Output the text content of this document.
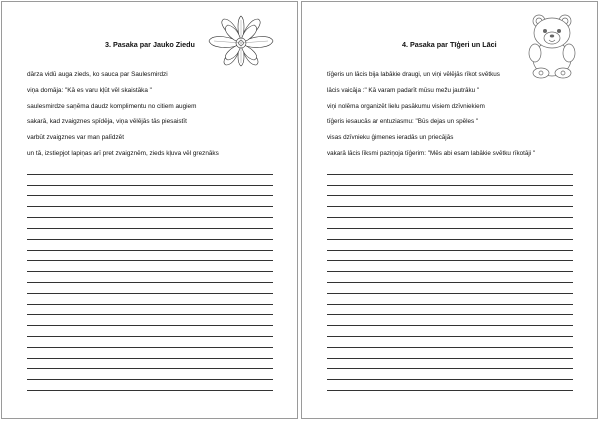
3. Pasaka par Jauko Ziedu
dārza vidū auga zieds, ko sauca par Saulesmirdzi
viņa domāja: "Kā es varu kļūt vēl skaistāka "
saulesmirdze saņēma daudz komplimentu no citiem augiem
sakarā, kad zvaigznes spīdēja, viņa vēlējās tās piesaistīt
varbūt zvaigznes var man palīdzēt
un tā, izstiepjot lapiņas arī pret zvaigznēm, zieds kļuva vēl greznāks
4. Pasaka par Tīģeri un Lāci
tīģeris un lācis bija labākie draugi, un viņi vēlējās rīkot svētkus
lācis vaicāja :" Kā varam padarīt mūsu mežu jautrāku "
viņi nolēma organizēt lielu pasākumu visiem dzīvniekiem
tīģeris iesaucās ar entuziasmu: "Būs dejas un spēles "
visas dzīvnieku ģimenes ieradās un priecājās
vakarā lācis līksmi paziņoja tīģerim: "Mēs abi esam labākie svētku rīkotāji "
